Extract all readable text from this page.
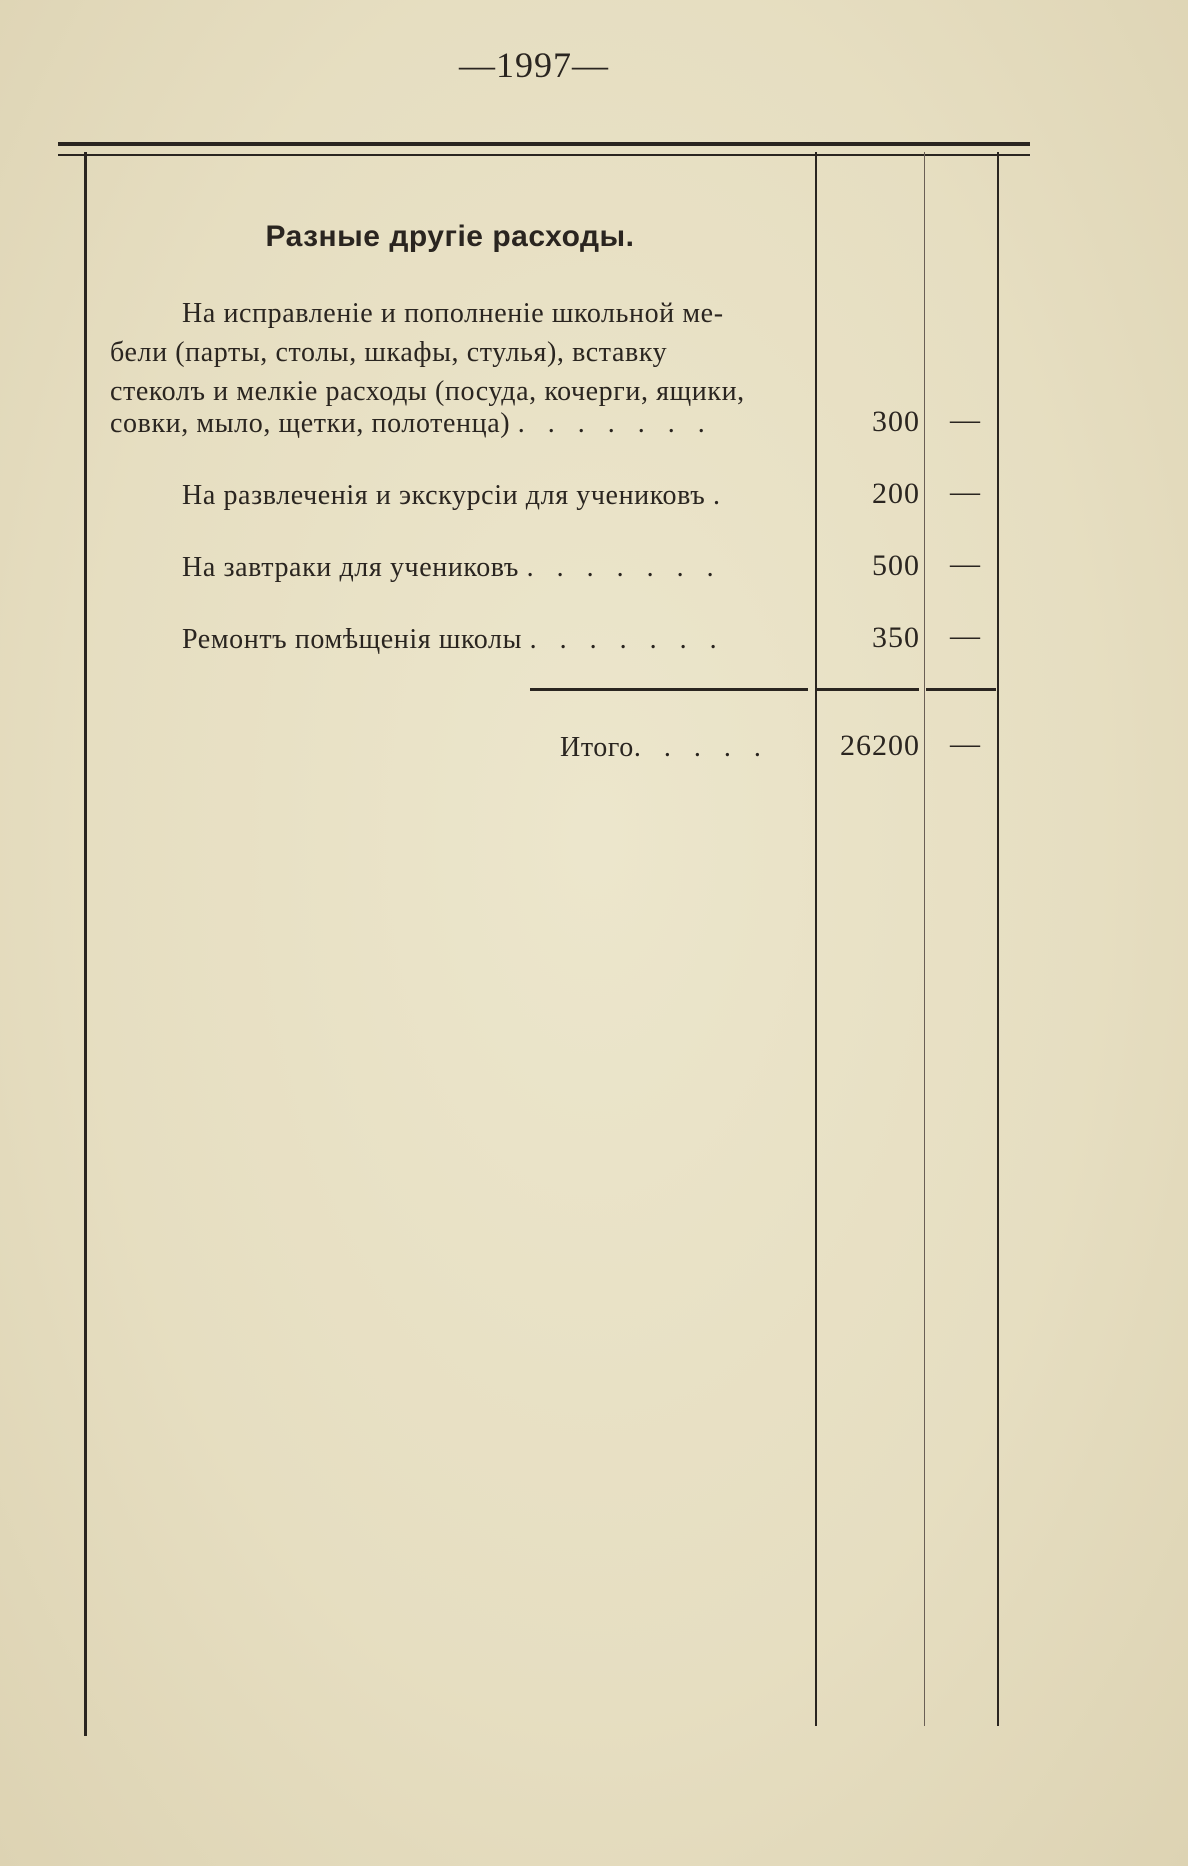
—1997—
Разные другіе расходы.
На исправленіе и пополненіе школьной ме-
бели (парты, столы, шкафы, стулья), вставку
стеколъ и мелкіе расходы (посуда, кочерги, ящики,
совки, мыло, щетки, полотенца) . . . . . . .	300	—
На развлеченія и экскурсіи для учениковъ .	200	—
На завтраки для учениковъ . . . . . . .	500	—
Ремонтъ помѣщенія школы . . . . . . .	350	—
Итого. . . . .	26200	—
